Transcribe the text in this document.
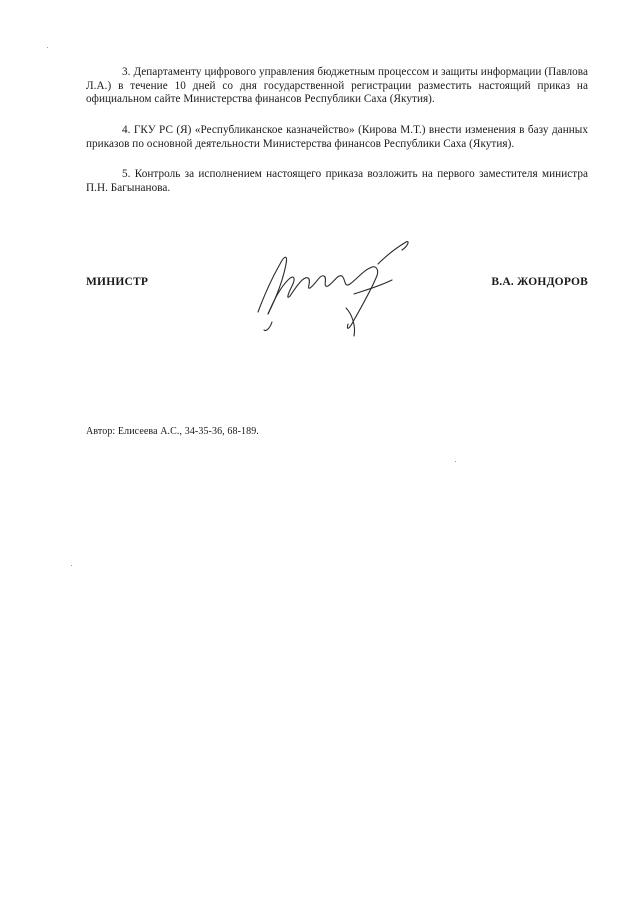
3. Департаменту цифрового управления бюджетным процессом и защиты информации (Павлова Л.А.) в течение 10 дней со дня государственной регистрации разместить настоящий приказ на официальном сайте Министерства финансов Республики Саха (Якутия).
4. ГКУ РС (Я) «Республиканское казначейство» (Кирова М.Т.) внести изменения в базу данных приказов по основной деятельности Министерства финансов Республики Саха (Якутия).
5. Контроль за исполнением настоящего приказа возложить на первого заместителя министра П.Н. Багынанова.
МИНИСТР	В.А. ЖОНДОРОВ
Автор: Елисеева А.С., 34-35-36, 68-189.
